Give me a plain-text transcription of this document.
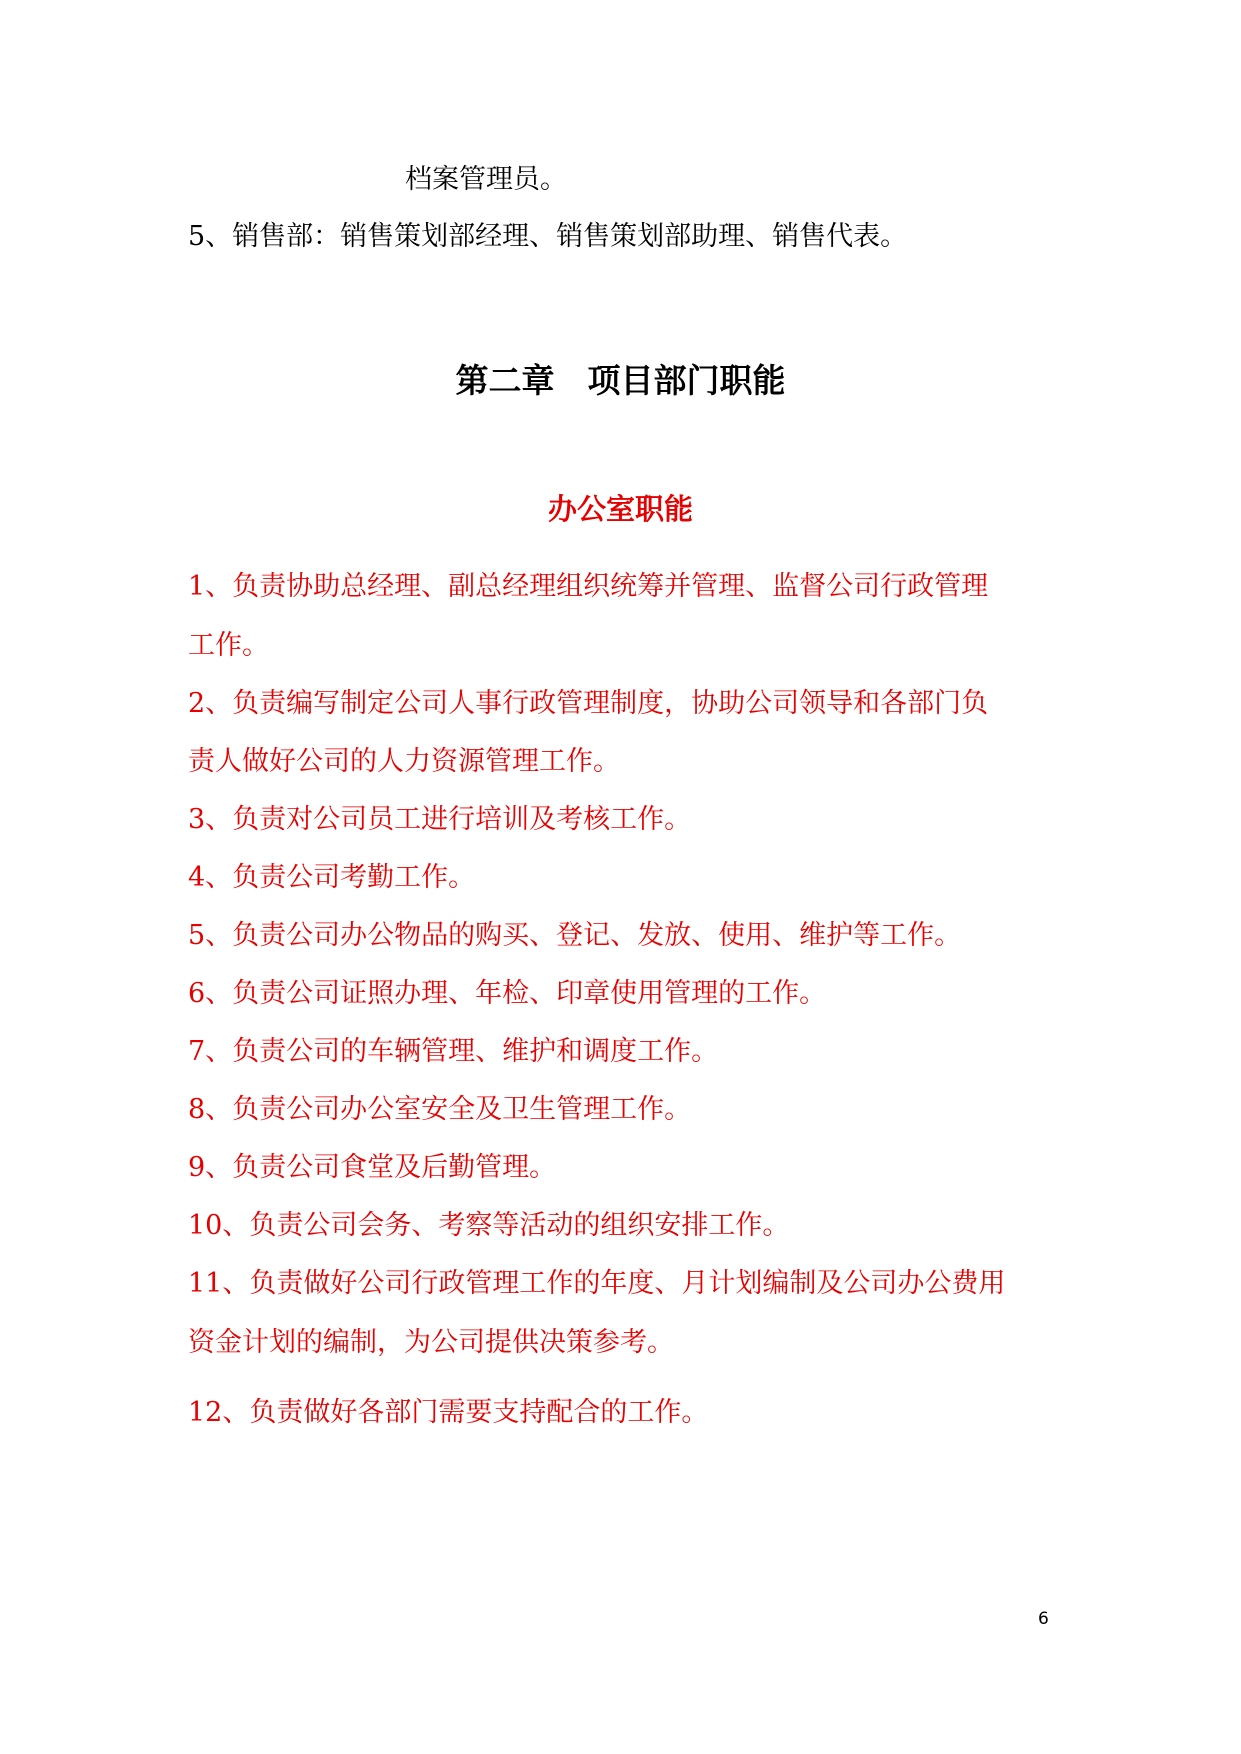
档案管理员。
5、销售部：销售策划部经理、销售策划部助理、销售代表。
第二章　项目部门职能
办公室职能
1、负责协助总经理、副总经理组织统筹并管理、监督公司行政管理
工作。
2、负责编写制定公司人事行政管理制度，协助公司领导和各部门负
责人做好公司的人力资源管理工作。
3、负责对公司员工进行培训及考核工作。
4、负责公司考勤工作。
5、负责公司办公物品的购买、登记、发放、使用、维护等工作。
6、负责公司证照办理、年检、印章使用管理的工作。
7、负责公司的车辆管理、维护和调度工作。
8、负责公司办公室安全及卫生管理工作。
9、负责公司食堂及后勤管理。
10、负责公司会务、考察等活动的组织安排工作。
11、负责做好公司行政管理工作的年度、月计划编制及公司办公费用
资金计划的编制，为公司提供决策参考。
12、负责做好各部门需要支持配合的工作。
6
